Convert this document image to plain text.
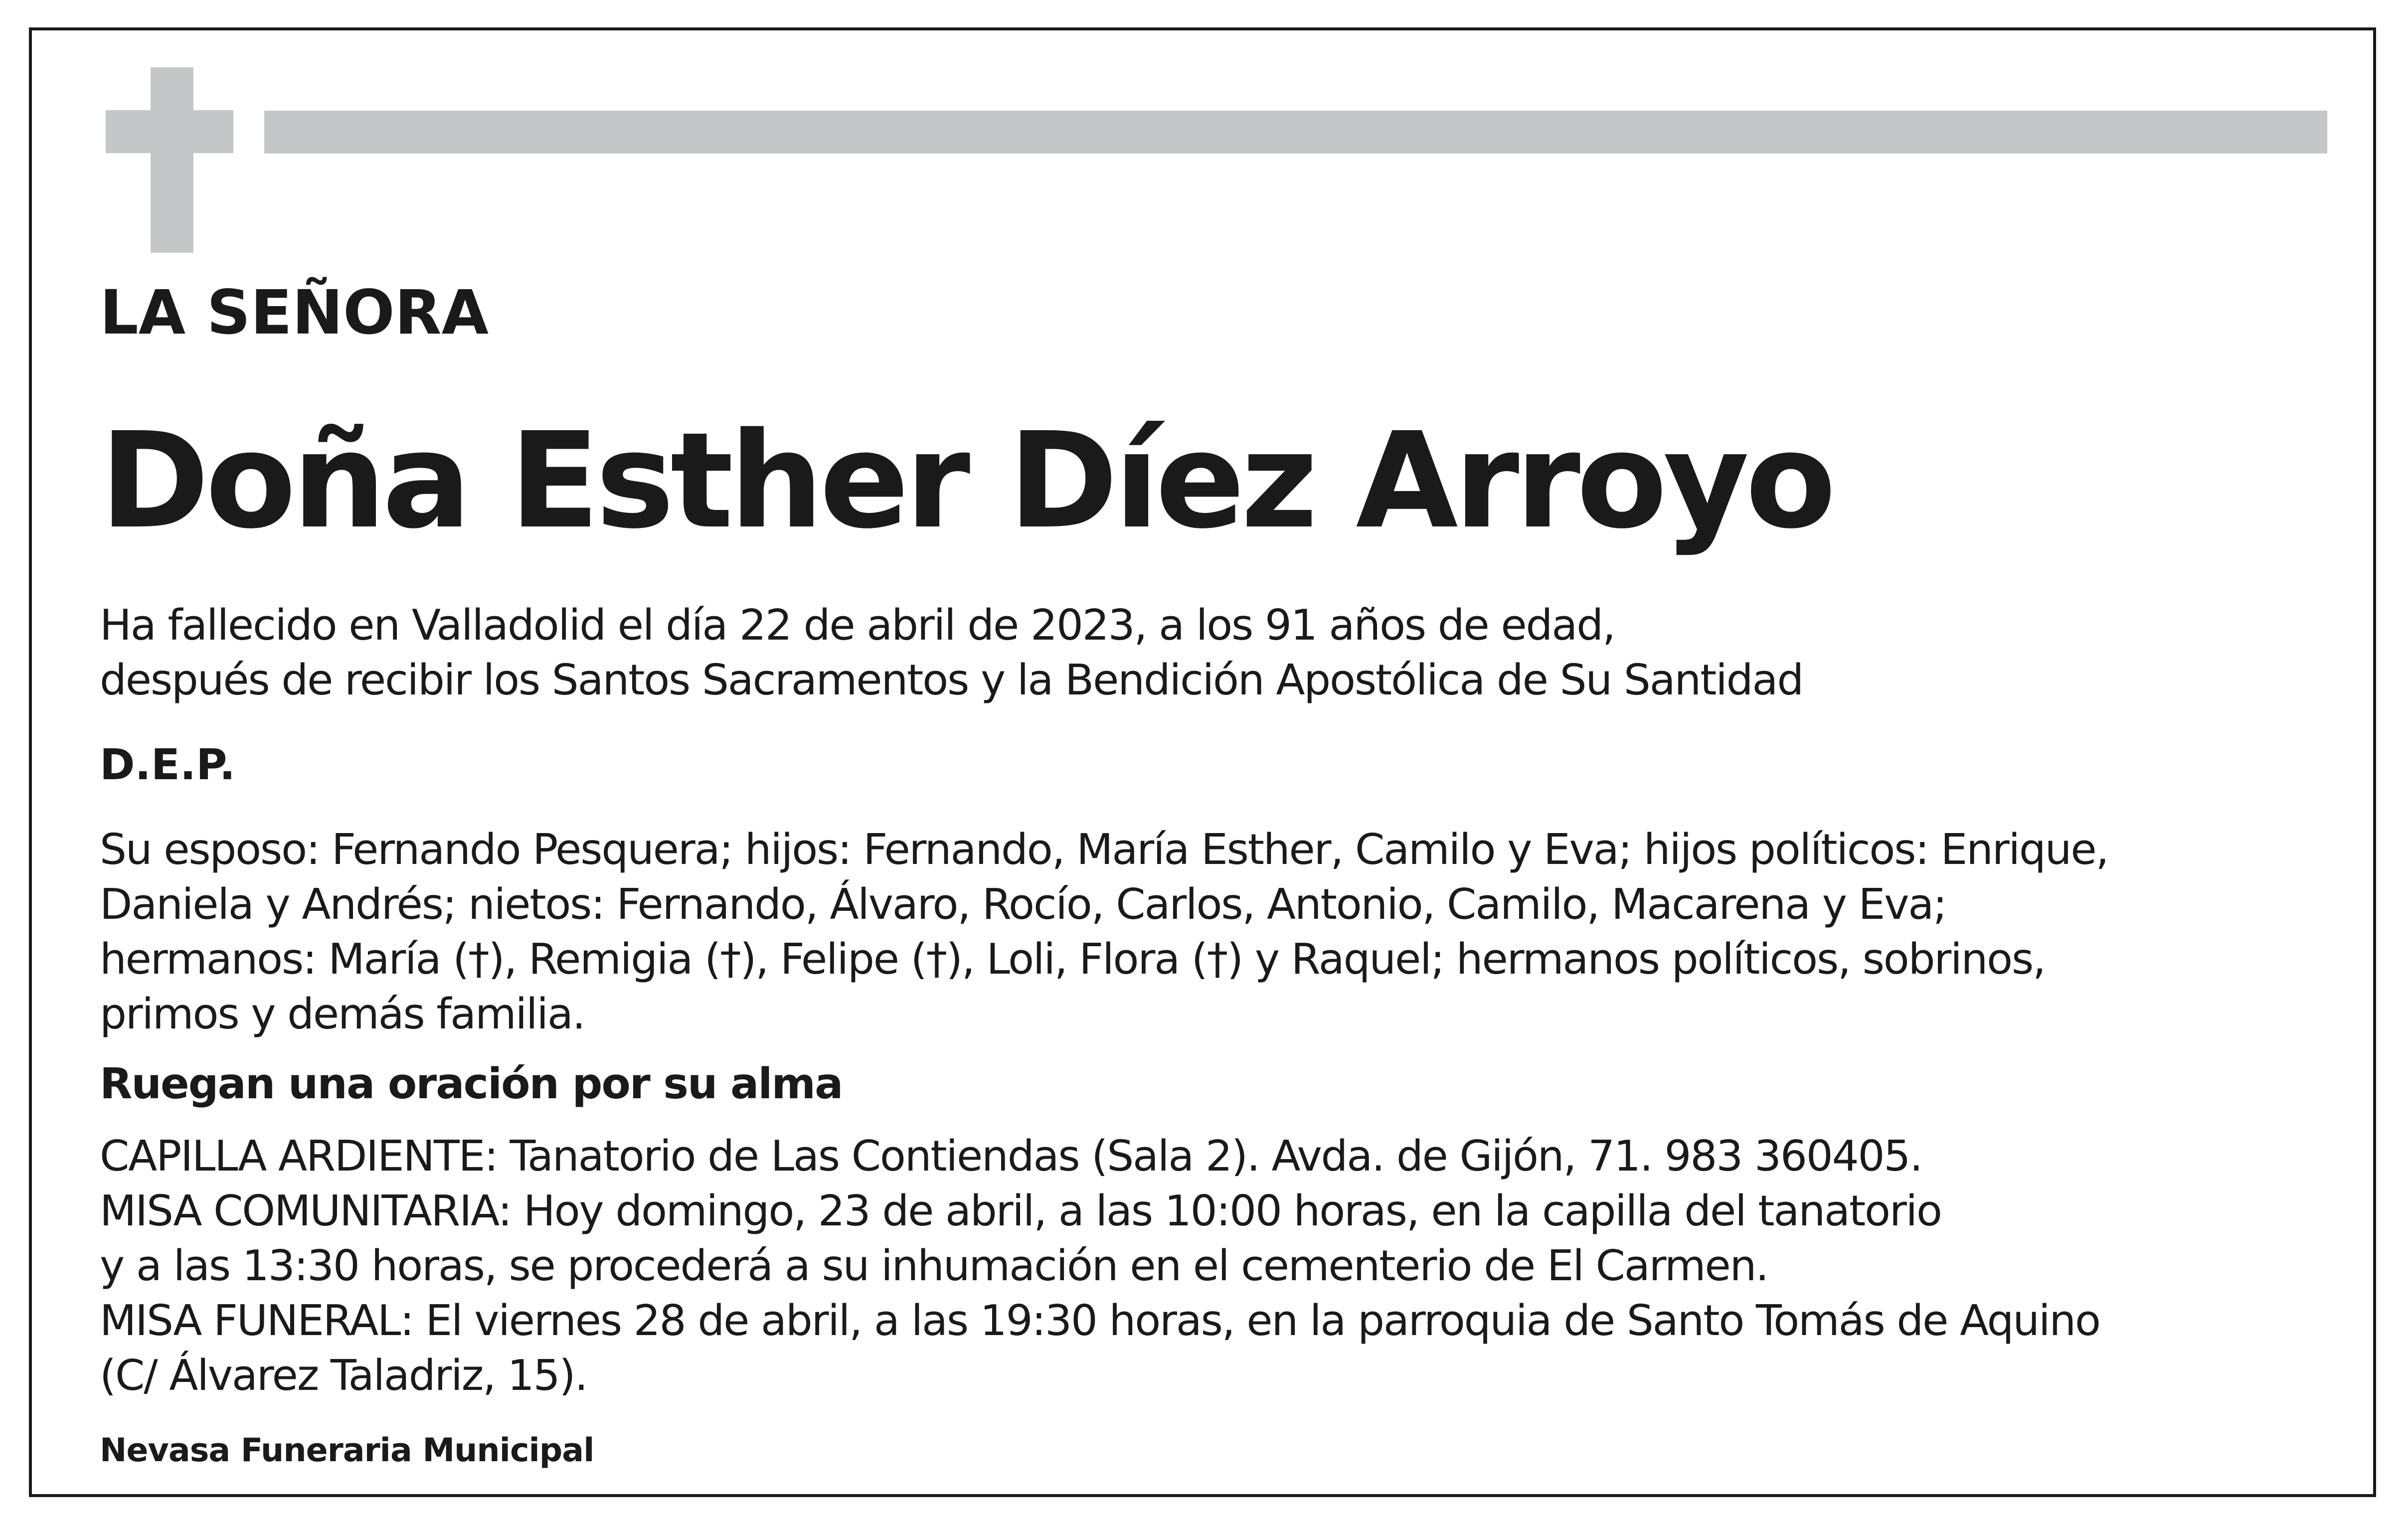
LA SEÑORA

Doña Esther Díez Arroyo

Ha fallecido en Valladolid el día 22 de abril de 2023, a los 91 años de edad,
después de recibir los Santos Sacramentos y la Bendición Apostólica de Su Santidad

D.E.P.

Su esposo: Fernando Pesquera; hijos: Fernando, María Esther, Camilo y Eva; hijos políticos: Enrique,
Daniela y Andrés; nietos: Fernando, Álvaro, Rocío, Carlos, Antonio, Camilo, Macarena y Eva;
hermanos: María (†), Remigia (†), Felipe (†), Loli, Flora (†) y Raquel; hermanos políticos, sobrinos,
primos y demás familia.

Ruegan una oración por su alma

CAPILLA ARDIENTE: Tanatorio de Las Contiendas (Sala 2). Avda. de Gijón, 71. 983 360405.
MISA COMUNITARIA: Hoy domingo, 23 de abril, a las 10:00 horas, en la capilla del tanatorio
y a las 13:30 horas, se procederá a su inhumación en el cementerio de El Carmen.
MISA FUNERAL: El viernes 28 de abril, a las 19:30 horas, en la parroquia de Santo Tomás de Aquino
(C/ Álvarez Taladriz, 15).

Nevasa Funeraria Municipal
